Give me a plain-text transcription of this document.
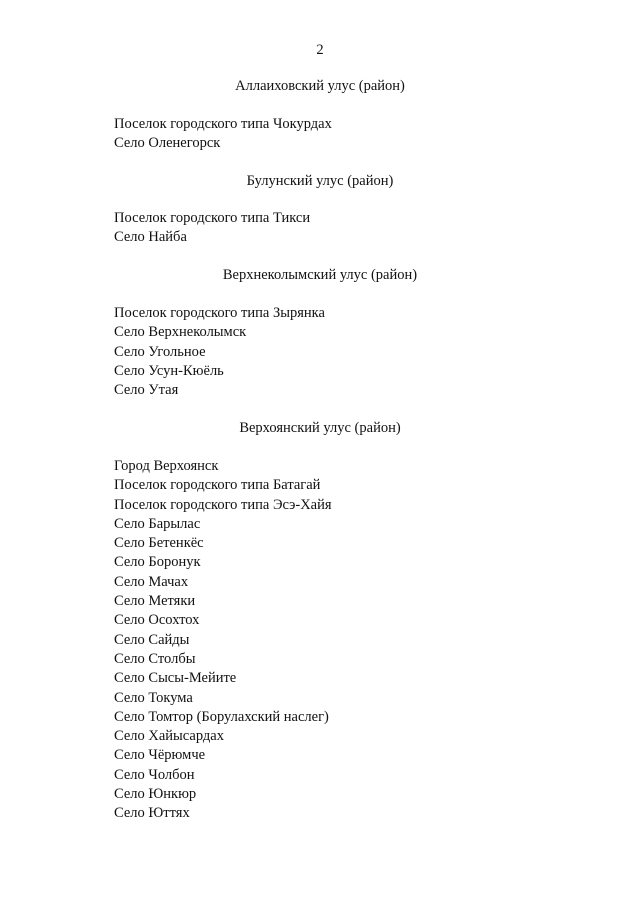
2
Аллаиховский улус (район)
Поселок городского типа Чокурдах
Село Оленегорск
Булунский улус (район)
Поселок городского типа Тикси
Село Найба
Верхнеколымский улус (район)
Поселок городского типа Зырянка
Село Верхнеколымск
Село Угольное
Село Усун-Кюёль
Село Утая
Верхоянский улус (район)
Город Верхоянск
Поселок городского типа Батагай
Поселок городского типа Эсэ-Хайя
Село Барылас
Село Бетенкёс
Село Боронук
Село Мачах
Село Метяки
Село Осохтох
Село Сайды
Село Столбы
Село Сысы-Мейите
Село Токума
Село Томтор (Борулахский наслег)
Село Хайысардах
Село Чёрюмче
Село Чолбон
Село Юнкюр
Село Юттях
